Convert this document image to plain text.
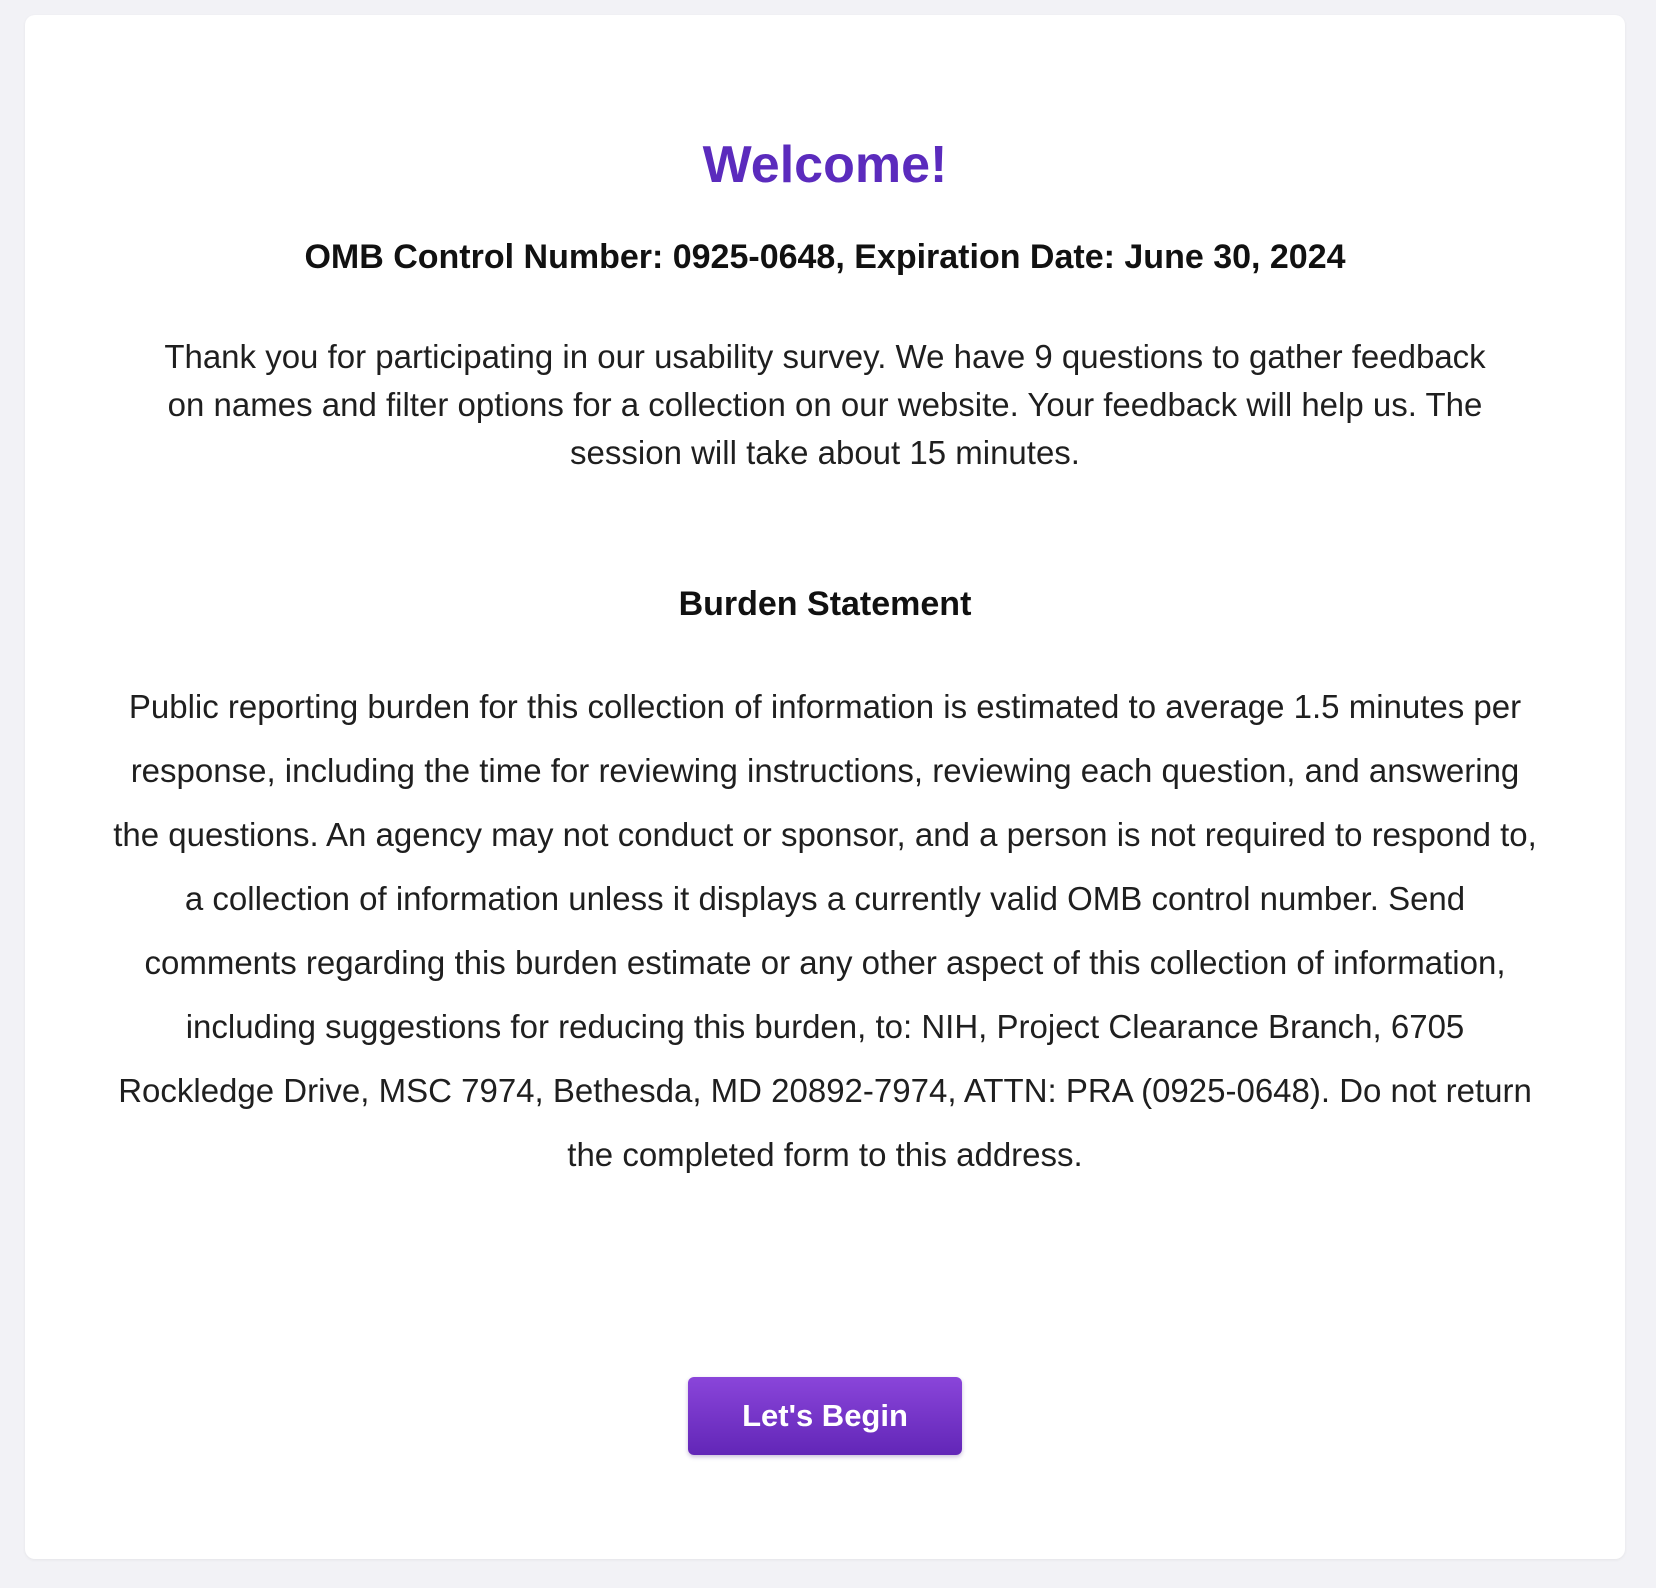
Welcome!

OMB Control Number: 0925-0648, Expiration Date: June 30, 2024

Thank you for participating in our usability survey. We have 9 questions to gather feedback on names and filter options for a collection on our website. Your feedback will help us. The session will take about 15 minutes.

Burden Statement

Public reporting burden for this collection of information is estimated to average 1.5 minutes per response, including the time for reviewing instructions, reviewing each question, and answering the questions. An agency may not conduct or sponsor, and a person is not required to respond to, a collection of information unless it displays a currently valid OMB control number. Send comments regarding this burden estimate or any other aspect of this collection of information, including suggestions for reducing this burden, to: NIH, Project Clearance Branch, 6705 Rockledge Drive, MSC 7974, Bethesda, MD 20892-7974, ATTN: PRA (0925-0648). Do not return the completed form to this address.

Let's Begin
